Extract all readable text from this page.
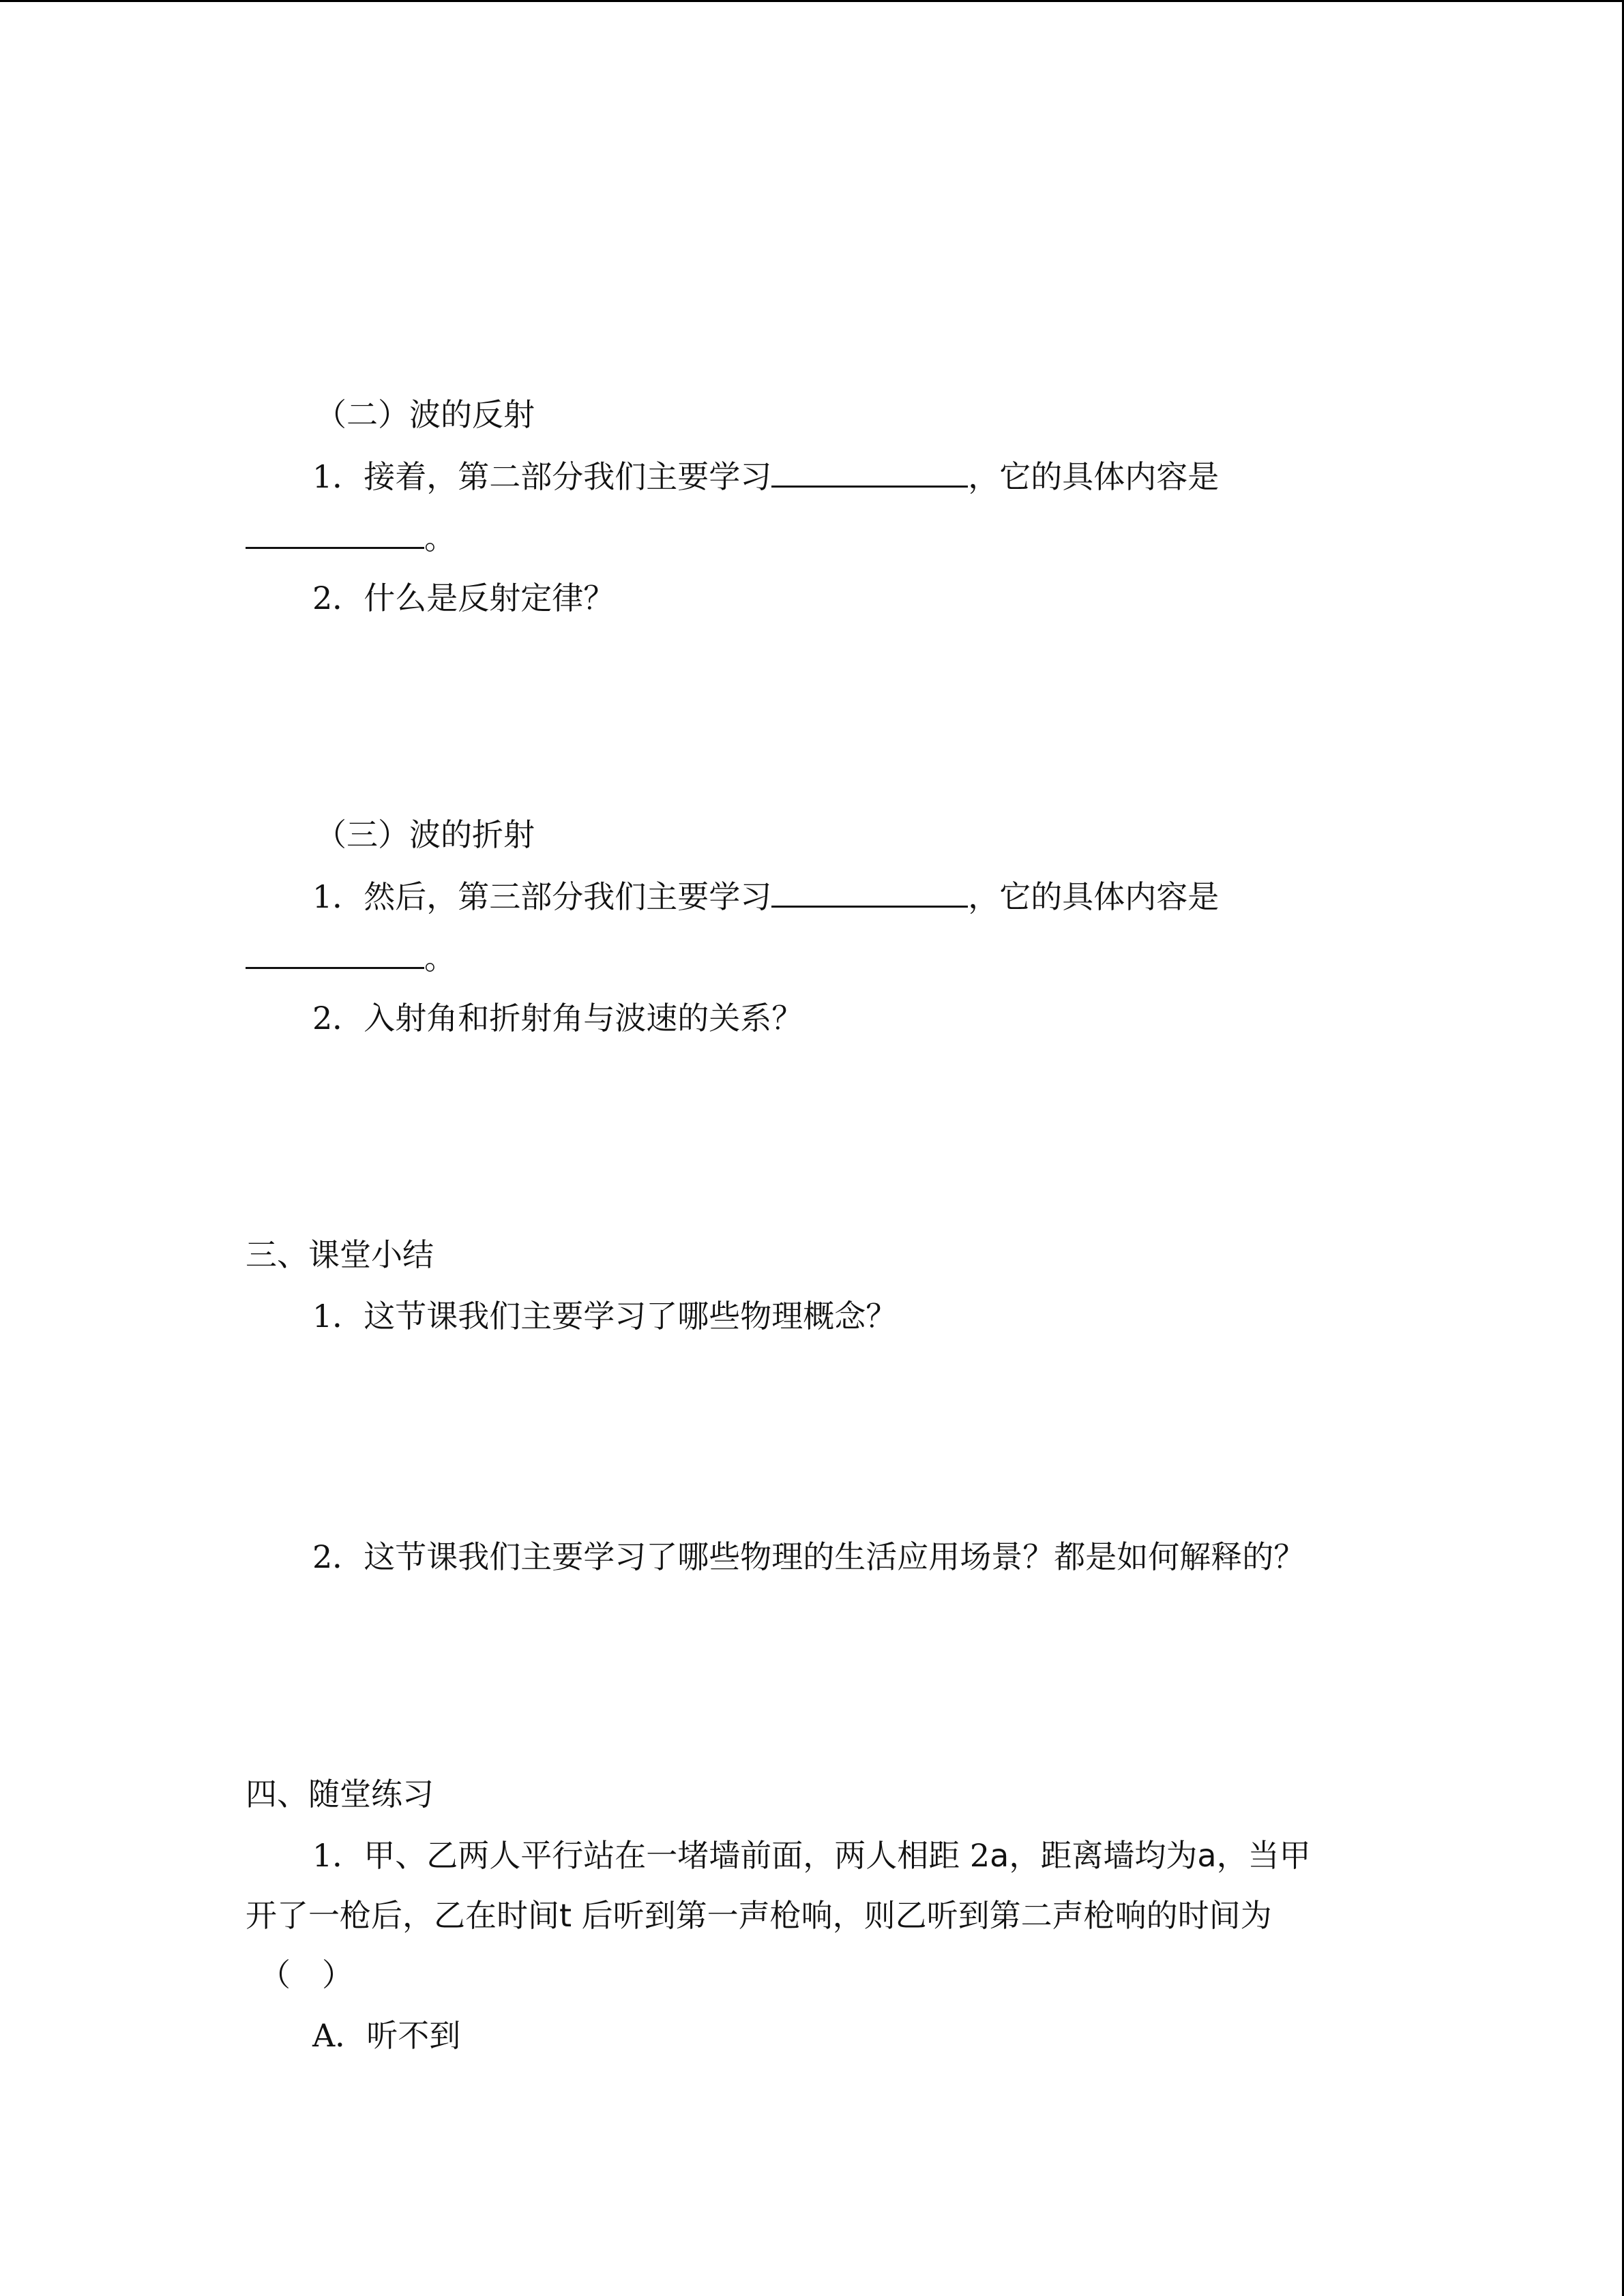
（二）波的反射
1．接着，第二部分我们主要学习	，它的具体内容是
。
2．什么是反射定律？
（三）波的折射
1．然后，第三部分我们主要学习	，它的具体内容是
。
2．入射角和折射角与波速的关系？
三、课堂小结
1．这节课我们主要学习了哪些物理概念？
2．这节课我们主要学习了哪些物理的生活应用场景？都是如何解释的？
四、随堂练习
1．甲、乙两人平行站在一堵墙前面，两人相距 2a，距离墙均为a，当甲
开了一枪后，乙在时间t 后听到第一声枪响，则乙听到第二声枪响的时间为
（　）
A．听不到
